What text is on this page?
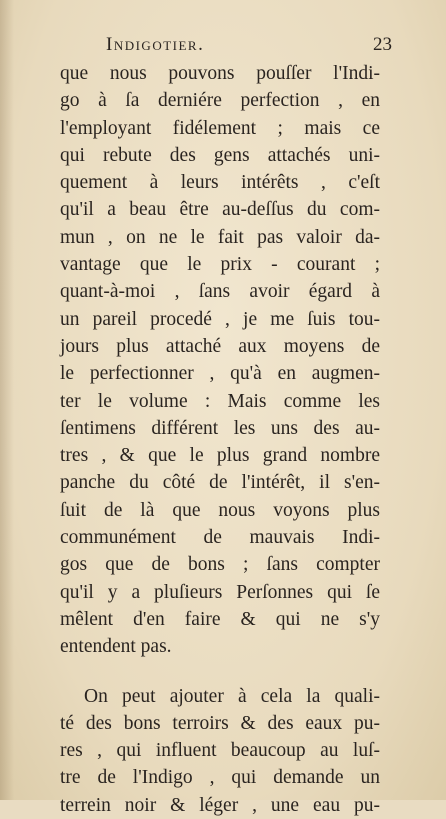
Indigotier.	23
que nous pouvons pouſſer l'Indi-
go à ſa derniére perfection , en
l'employant fidélement ; mais ce
qui rebute des gens attachés uni-
quement à leurs intérêts , c'eſt
qu'il a beau être au-deſſus du com-
mun , on ne le fait pas valoir da-
vantage que le prix - courant ;
quant-à-moi , ſans avoir égard à
un pareil procedé , je me ſuis tou-
jours plus attaché aux moyens de
le perfectionner , qu'à en augmen-
ter le volume : Mais comme les
ſentimens différent les uns des au-
tres , & que le plus grand nombre
panche du côté de l'intérêt, il s'en-
ſuit de là que nous voyons plus
communément de mauvais Indi-
gos que de bons ; ſans compter
qu'il y a pluſieurs Perſonnes qui ſe
mêlent d'en faire & qui ne s'y
entendent pas.
On peut ajouter à cela la quali-
té des bons terroirs & des eaux pu-
res , qui influent beaucoup au luſ-
tre de l'Indigo , qui demande un
terrein noir & léger , une eau pu-
